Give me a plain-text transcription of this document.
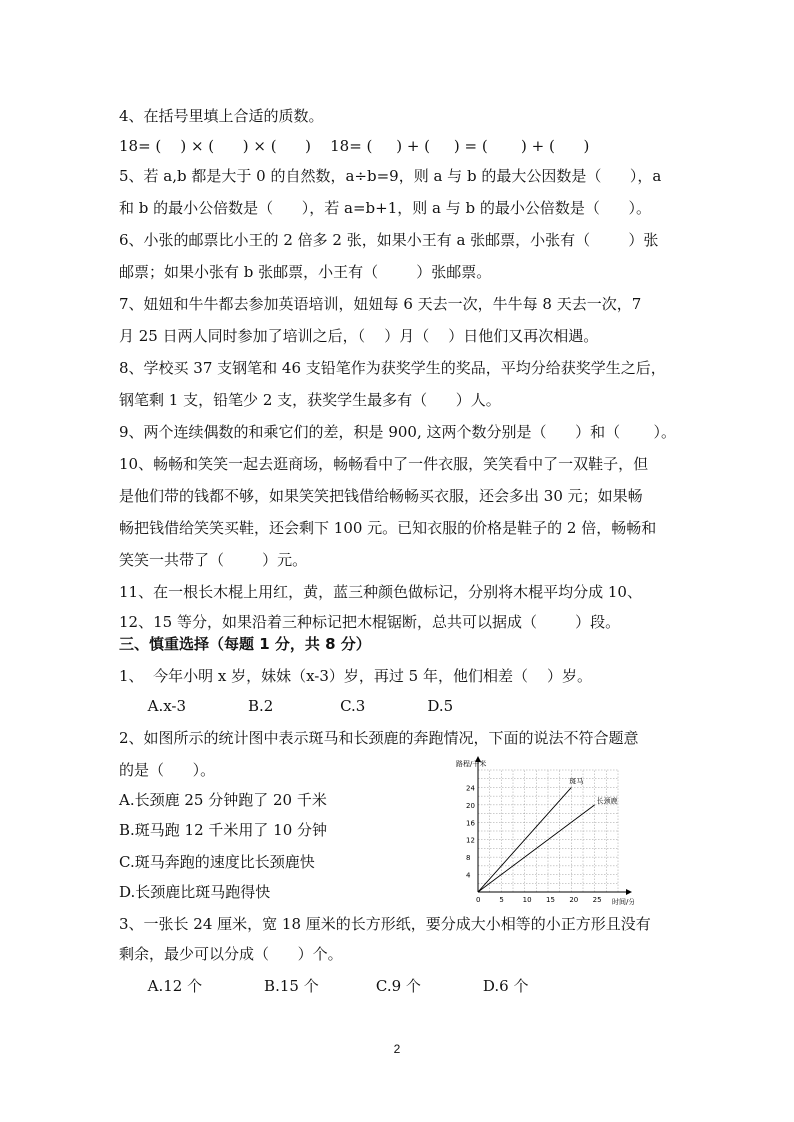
4、在括号里填上合适的质数。
18= (    ) × (      ) × (      )    18= (     ) + (     ) = (       ) + (      )
5、若 a,b 都是大于 0 的自然数，a÷b=9，则 a 与 b 的最大公因数是（      ），a
和 b 的最小公倍数是（      ），若 a=b+1，则 a 与 b 的最小公倍数是（      ）。
6、小张的邮票比小王的 2 倍多 2 张，如果小王有 a 张邮票，小张有（        ）张
邮票；如果小张有 b 张邮票，小王有（        ）张邮票。
7、妞妞和牛牛都去参加英语培训，妞妞每 6 天去一次，牛牛每 8 天去一次，7
月 25 日两人同时参加了培训之后，（    ）月（    ）日他们又再次相遇。
8、学校买 37 支钢笔和 46 支铅笔作为获奖学生的奖品，平均分给获奖学生之后，
钢笔剩 1 支，铅笔少 2 支，获奖学生最多有（      ）人。
9、两个连续偶数的和乘它们的差，积是 900, 这两个数分别是（      ）和（       ）。
10、畅畅和笑笑一起去逛商场，畅畅看中了一件衣服，笑笑看中了一双鞋子，但
是他们带的钱都不够，如果笑笑把钱借给畅畅买衣服，还会多出 30 元；如果畅
畅把钱借给笑笑买鞋，还会剩下 100 元。已知衣服的价格是鞋子的 2 倍，畅畅和
笑笑一共带了（        ）元。
11、在一根长木棍上用红，黄，蓝三种颜色做标记，分别将木棍平均分成 10、
12、15 等分，如果沿着三种标记把木棍锯断，总共可以据成（        ）段。
三、慎重选择（每题 1 分，共 8 分）
1、  今年小明 x 岁，妹妹（x-3）岁，再过 5 年，他们相差（    ）岁。
A.x-3             B.2              C.3             D.5
2、如图所示的统计图中表示斑马和长颈鹿的奔跑情况，下面的说法不符合题意
的是（      ）。
A.长颈鹿 25 分钟跑了 20 千米
B.斑马跑 12 千米用了 10 分钟
C.斑马奔跑的速度比长颈鹿快
D.长颈鹿比斑马跑得快
3、一张长 24 厘米，宽 18 厘米的长方形纸，要分成大小相等的小正方形且没有
剩余，最少可以分成（      ）个。
A.12 个             B.15 个            C.9 个             D.6 个
路程/千米
时间/分
0	5	10 15 20 25
4
8
12
16
20
24
斑马
长颈鹿
2
